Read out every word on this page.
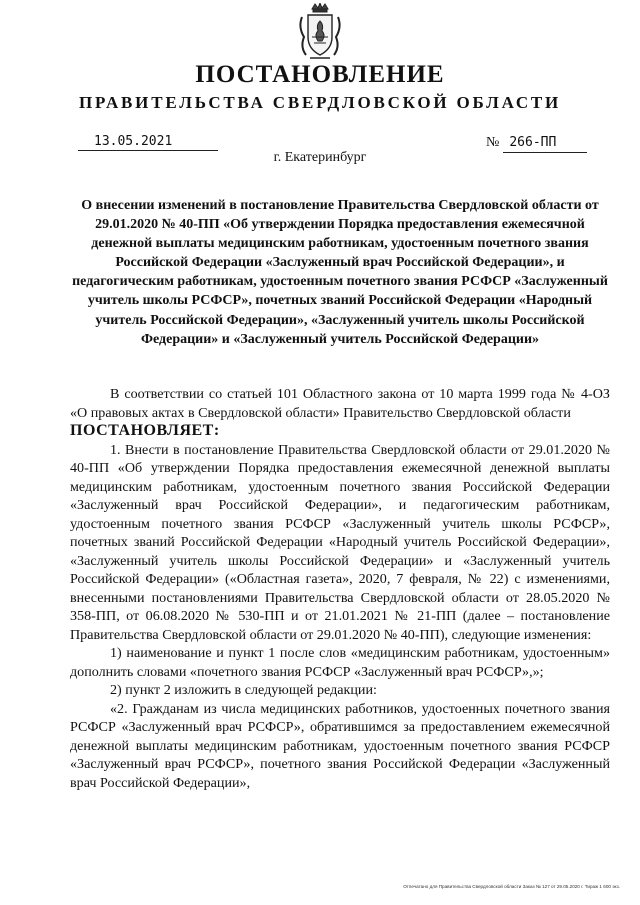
ПОСТАНОВЛЕНИЕ
ПРАВИТЕЛЬСТВА СВЕРДЛОВСКОЙ ОБЛАСТИ
13.05.2021	№ 266-ПП
г. Екатеринбург

О внесении изменений в постановление Правительства Свердловской области от 29.01.2020 № 40-ПП «Об утверждении Порядка предоставления ежемесячной денежной выплаты медицинским работникам, удостоенным почетного звания Российской Федерации «Заслуженный врач Российской Федерации», и педагогическим работникам, удостоенным почетного звания РСФСР «Заслуженный учитель школы РСФСР», почетных званий Российской Федерации «Народный учитель Российской Федерации», «Заслуженный учитель школы Российской Федерации» и «Заслуженный учитель Российской Федерации»

В соответствии со статьей 101 Областного закона от 10 марта 1999 года № 4-ОЗ «О правовых актах в Свердловской области» Правительство Свердловской области

ПОСТАНОВЛЯЕТ:

1. Внести в постановление Правительства Свердловской области от 29.01.2020 № 40-ПП «Об утверждении Порядка предоставления ежемесячной денежной выплаты медицинским работникам, удостоенным почетного звания Российской Федерации «Заслуженный врач Российской Федерации», и педагогическим работникам, удостоенным почетного звания РСФСР «Заслуженный учитель школы РСФСР», почетных званий Российской Федерации «Народный учитель Российской Федерации», «Заслуженный учитель школы Российской Федерации» и «Заслуженный учитель Российской Федерации» («Областная газета», 2020, 7 февраля, № 22) с изменениями, внесенными постановлениями Правительства Свердловской области от 28.05.2020 № 358-ПП, от 06.08.2020 № 530-ПП и от 21.01.2021 № 21-ПП (далее – постановление Правительства Свердловской области от 29.01.2020 № 40-ПП), следующие изменения:

1) наименование и пункт 1 после слов «медицинским работникам, удостоенным» дополнить словами «почетного звания РСФСР «Заслуженный врач РСФСР»,»;

2) пункт 2 изложить в следующей редакции:

«2. Гражданам из числа медицинских работников, удостоенных почетного звания РСФСР «Заслуженный врач РСФСР», обратившимся за предоставлением ежемесячной денежной выплаты медицинским работникам, удостоенным почетного звания РСФСР «Заслуженный врач РСФСР», почетного звания Российской Федерации «Заслуженный врач Российской Федерации»,

Отпечатано для Правительства Свердловской области Заказ № 127 от 29.05.2020 г. Тираж 1 600 экз.
